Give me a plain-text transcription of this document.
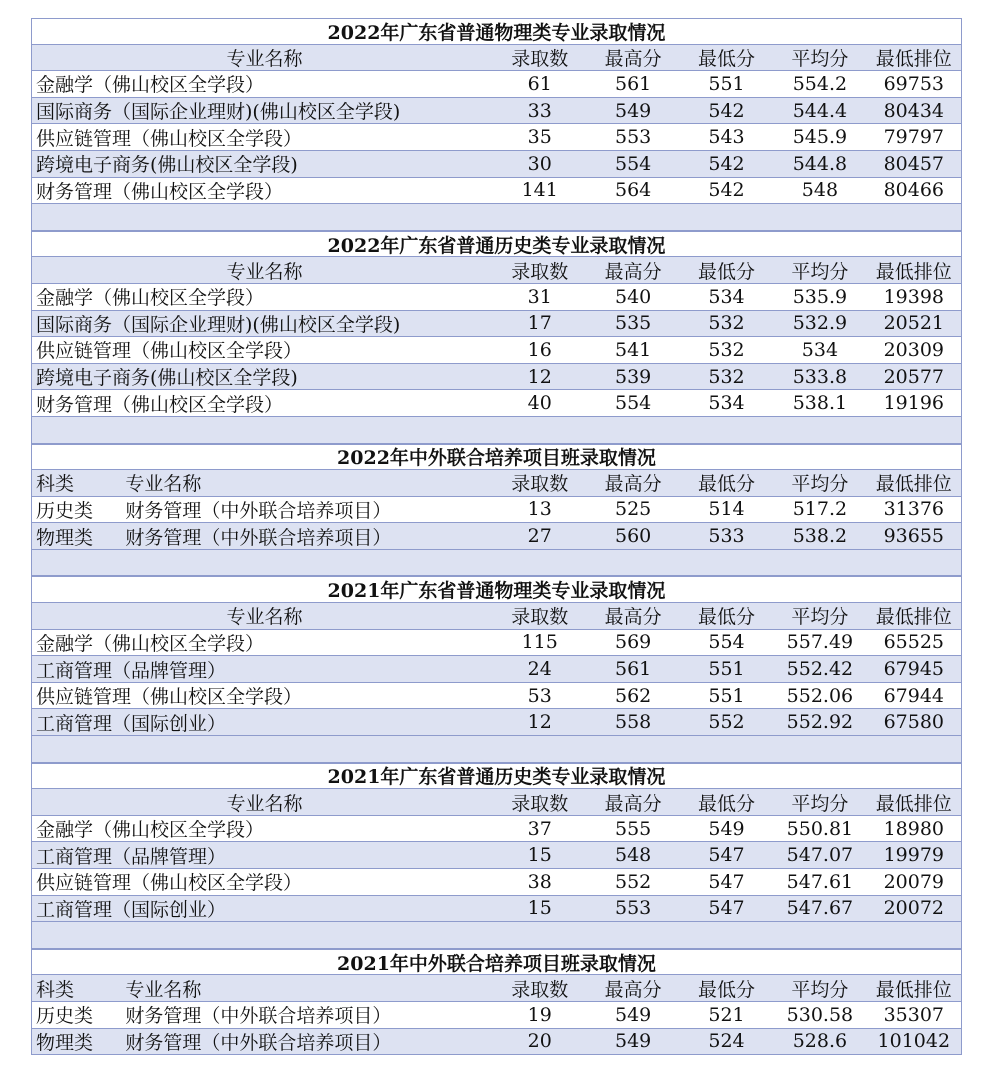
2022年广东省普通物理类专业录取情况
专业名称	录取数	最高分	最低分	平均分	最低排位
金融学（佛山校区全学段）	61	561	551	554.2	69753
国际商务（国际企业理财)(佛山校区全学段)	33	549	542	544.4	80434
供应链管理（佛山校区全学段）	35	553	543	545.9	79797
跨境电子商务(佛山校区全学段)	30	554	542	544.8	80457
财务管理（佛山校区全学段）	141	564	542	548	80466
2022年广东省普通历史类专业录取情况
专业名称	录取数	最高分	最低分	平均分	最低排位
金融学（佛山校区全学段）	31	540	534	535.9	19398
国际商务（国际企业理财)(佛山校区全学段)	17	535	532	532.9	20521
供应链管理（佛山校区全学段）	16	541	532	534	20309
跨境电子商务(佛山校区全学段)	12	539	532	533.8	20577
财务管理（佛山校区全学段）	40	554	534	538.1	19196
2022年中外联合培养项目班录取情况
科类	专业名称	录取数	最高分	最低分	平均分	最低排位
历史类	财务管理（中外联合培养项目）	13	525	514	517.2	31376
物理类	财务管理（中外联合培养项目）	27	560	533	538.2	93655
2021年广东省普通物理类专业录取情况
专业名称	录取数	最高分	最低分	平均分	最低排位
金融学（佛山校区全学段）	115	569	554	557.49	65525
工商管理（品牌管理）	24	561	551	552.42	67945
供应链管理（佛山校区全学段）	53	562	551	552.06	67944
工商管理（国际创业）	12	558	552	552.92	67580
2021年广东省普通历史类专业录取情况
专业名称	录取数	最高分	最低分	平均分	最低排位
金融学（佛山校区全学段）	37	555	549	550.81	18980
工商管理（品牌管理）	15	548	547	547.07	19979
供应链管理（佛山校区全学段）	38	552	547	547.61	20079
工商管理（国际创业）	15	553	547	547.67	20072
2021年中外联合培养项目班录取情况
科类	专业名称	录取数	最高分	最低分	平均分	最低排位
历史类	财务管理（中外联合培养项目）	19	549	521	530.58	35307
物理类	财务管理（中外联合培养项目）	20	549	524	528.6	101042
